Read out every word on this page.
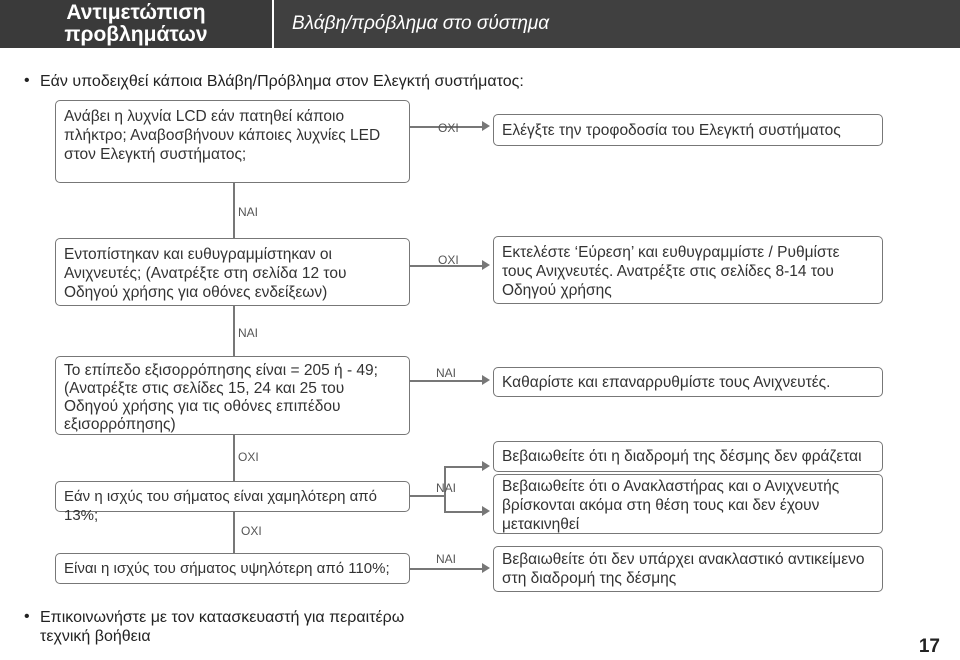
Αντιμετώπιση προβλημάτων	Βλάβη/πρόβλημα στο σύστημα
• Εάν υποδειχθεί κάποια Βλάβη/Πρόβλημα στον Ελεγκτή συστήματος:
Ανάβει η λυχνία LCD εάν πατηθεί κάποιο πλήκτρο; Αναβοσβήνουν κάποιες λυχνίες LED στον Ελεγκτή συστήματος;
Εντοπίστηκαν και ευθυγραμμίστηκαν οι Ανιχνευτές; (Ανατρέξτε στη σελίδα 12 του Οδηγού χρήσης για οθόνες ενδείξεων)
Το επίπεδο εξισορρόπησης είναι = 205 ή - 49; (Ανατρέξτε στις σελίδες 15, 24 και 25 του Οδηγού χρήσης για τις οθόνες επιπέδου εξισορρόπησης)
Εάν η ισχύς του σήματος είναι χαμηλότερη από 13%;
Είναι η ισχύς του σήματος υψηλότερη από 110%;
Ελέγξτε την τροφοδοσία του Ελεγκτή συστήματος
Εκτελέστε ‘Εύρεση’ και ευθυγραμμίστε / Ρυθμίστε τους Ανιχνευτές. Ανατρέξτε στις σελίδες 8-14 του Οδηγού χρήσης
Καθαρίστε και επαναρρυθμίστε τους Ανιχνευτές.
Βεβαιωθείτε ότι η διαδρομή της δέσμης δεν φράζεται
Βεβαιωθείτε ότι ο Ανακλαστήρας και ο Ανιχνευτής βρίσκονται ακόμα στη θέση τους και δεν έχουν μετακινηθεί
Βεβαιωθείτε ότι δεν υπάρχει ανακλαστικό αντικείμενο στη διαδρομή της δέσμης
ΟΧΙ
ΝΑΙ
ΟΧΙ
ΝΑΙ
ΝΑΙ
ΟΧΙ
ΝΑΙ
ΟΧΙ
ΝΑΙ
• Επικοινωνήστε με τον κατασκευαστή για περαιτέρω τεχνική βοήθεια	17
